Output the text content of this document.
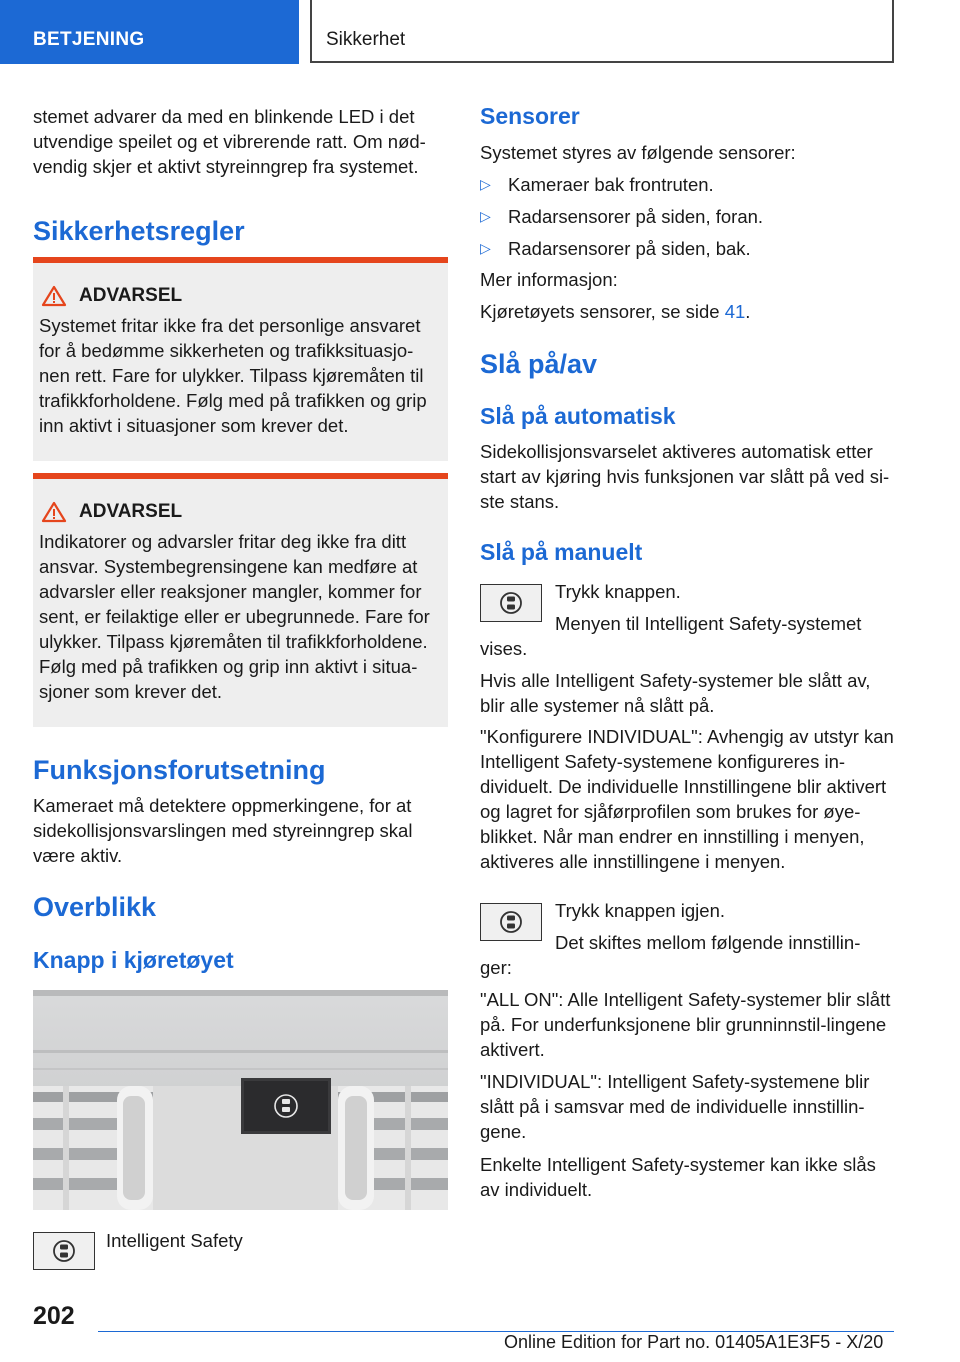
BETJENING	Sikkerhet

stemet advarer da med en blinkende LED i det utvendige speilet og et vibrerende ratt. Om nød-vendig skjer et aktivt styreinngrep fra systemet.

Sikkerhetsregler
ADVARSEL

Systemet fritar ikke fra det personlige ansvaret for å bedømme sikkerheten og trafikksituasjo-nen rett. Fare for ulykker. Tilpass kjøremåten til trafikkforholdene. Følg med på trafikken og grip inn aktivt i situasjoner som krever det.

ADVARSEL

Indikatorer og advarsler fritar deg ikke fra ditt ansvar. Systembegrensingene kan medføre at advarsler eller reaksjoner mangler, kommer for sent, er feilaktige eller er ubegrunnede. Fare for ulykker. Tilpass kjøremåten til trafikkforholdene. Følg med på trafikken og grip inn aktivt i situa-sjoner som krever det.

Funksjonsforutsetning

Kameraet må detektere oppmerkingene, for at sidekollisjonsvarslingen med styreinngrep skal være aktiv.

Overblikk
Knapp i kjøretøyet

Intelligent Safety

Sensorer

Systemet styres av følgende sensorer:

▷ Kameraer bak frontruten.

▷ Radarsensorer på siden, foran.

▷ Radarsensorer på siden, bak.

Mer informasjon:

Kjøretøyets sensorer, se side 41.

Slå på/av
Slå på automatisk

Sidekollisjonsvarselet aktiveres automatisk etter start av kjøring hvis funksjonen var slått på ved si-ste stans.

Slå på manuelt

Trykk knappen.

Menyen til Intelligent Safety-systemet

vises.

Hvis alle Intelligent Safety-systemer ble slått av, blir alle systemer nå slått på.

"Konfigurere INDIVIDUAL": Avhengig av utstyr kan Intelligent Safety-systemene konfigureres in-dividuelt. De individuelle Innstillingene blir aktivert og lagret for sjåførprofilen som brukes for øye-blikket. Når man endrer en innstilling i menyen, aktiveres alle innstillingene i menyen.

Trykk knappen igjen.

Det skiftes mellom følgende innstillin-

ger:

"ALL ON": Alle Intelligent Safety-systemer blir slått på. For underfunksjonene blir grunninnstil-lingene aktivert.

"INDIVIDUAL": Intelligent Safety-systemene blir slått på i samsvar med de individuelle innstillin-gene.

Enkelte Intelligent Safety-systemer kan ikke slås av individuelt.

202
Online Edition for Part no. 01405A1E3F5 - X/20
